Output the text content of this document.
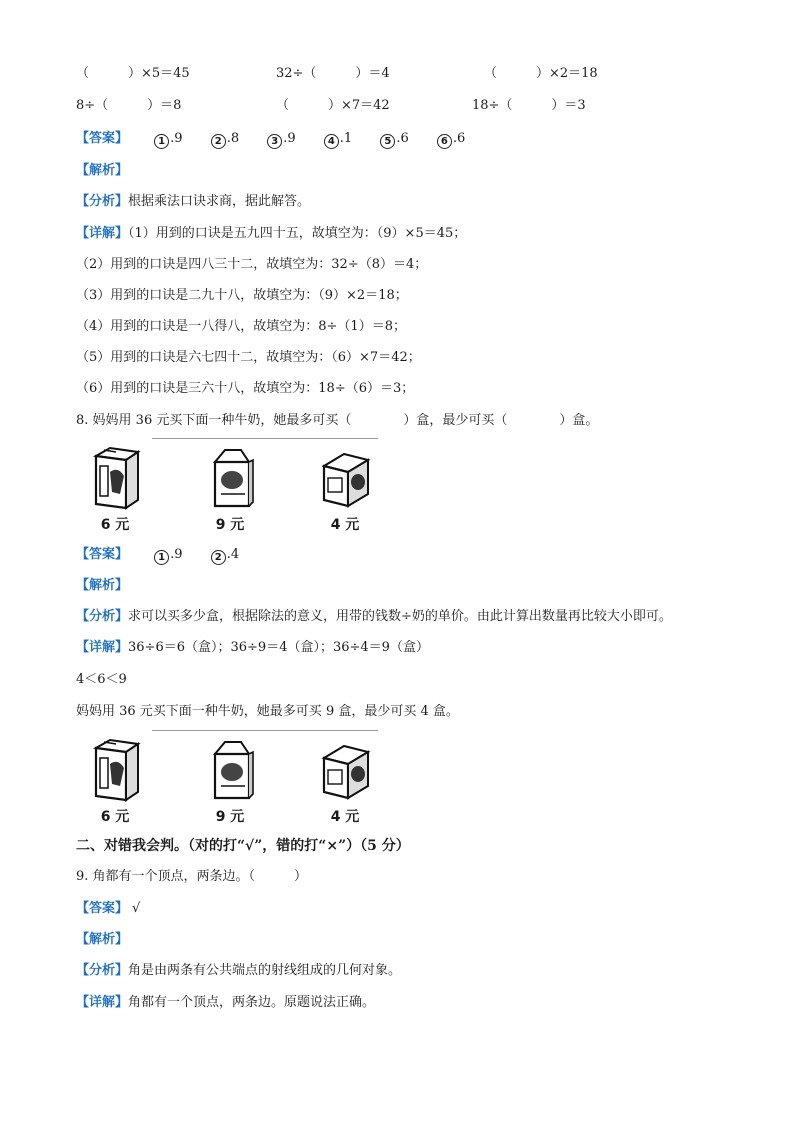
（　　　）×5＝45	32÷（　　　）＝4	（　　　）×2＝18
8÷（　　　）＝8	（　　　）×7＝42	18÷（　　　）＝3
【答案】	1 .9	2 .8	3 .9	4 .1	5 .6	6 .6
【解析】
【分析】根据乘法口诀求商，据此解答。
【详解】（1）用到的口诀是五九四十五，故填空为：（9）×5＝45；
（2）用到的口诀是四八三十二，故填空为：32÷（8）＝4；
（3）用到的口诀是二九十八，故填空为：（9）×2＝18；
（4）用到的口诀是一八得八，故填空为：8÷（1）＝8；
（5）用到的口诀是六七四十二，故填空为：（6）×7＝42；
（6）用到的口诀是三六十八，故填空为：18÷（6）＝3；
8. 妈妈用 36 元买下面一种牛奶，她最多可买（　　　　）盒，最少可买（　　　　）盒。
6 元	9 元	4 元
【答案】	1 .9	2 .4
【解析】
【分析】求可以买多少盒，根据除法的意义，用带的钱数÷奶的单价。由此计算出数量再比较大小即可。
【详解】36÷6＝6（盒）；36÷9＝4（盒）；36÷4＝9（盒）
4＜6＜9
妈妈用 36 元买下面一种牛奶，她最多可买 9 盒，最少可买 4 盒。
6 元	9 元	4 元
二、对错我会判。（对的打“√”，错的打“×”）（5 分）
9. 角都有一个顶点，两条边。（　　　）
【答案】 √
【解析】
【分析】角是由两条有公共端点的射线组成的几何对象。
【详解】角都有一个顶点，两条边。原题说法正确。
